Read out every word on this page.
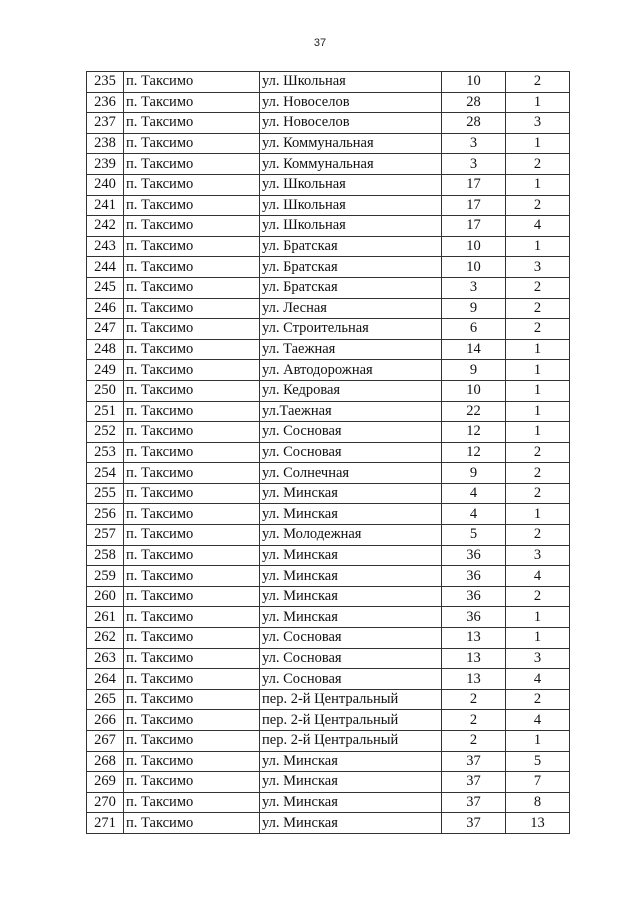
37
235	п. Таксимо	ул. Школьная	10	2
236	п. Таксимо	ул. Новоселов	28	1
237	п. Таксимо	ул. Новоселов	28	3
238	п. Таксимо	ул. Коммунальная	3	1
239	п. Таксимо	ул. Коммунальная	3	2
240	п. Таксимо	ул. Школьная	17	1
241	п. Таксимо	ул. Школьная	17	2
242	п. Таксимо	ул. Школьная	17	4
243	п. Таксимо	ул. Братская	10	1
244	п. Таксимо	ул. Братская	10	3
245	п. Таксимо	ул. Братская	3	2
246	п. Таксимо	ул. Лесная	9	2
247	п. Таксимо	ул. Строительная	6	2
248	п. Таксимо	ул. Таежная	14	1
249	п. Таксимо	ул. Автодорожная	9	1
250	п. Таксимо	ул. Кедровая	10	1
251	п. Таксимо	ул.Таежная	22	1
252	п. Таксимо	ул. Сосновая	12	1
253	п. Таксимо	ул. Сосновая	12	2
254	п. Таксимо	ул. Солнечная	9	2
255	п. Таксимо	ул. Минская	4	2
256	п. Таксимо	ул. Минская	4	1
257	п. Таксимо	ул. Молодежная	5	2
258	п. Таксимо	ул. Минская	36	3
259	п. Таксимо	ул. Минская	36	4
260	п. Таксимо	ул. Минская	36	2
261	п. Таксимо	ул. Минская	36	1
262	п. Таксимо	ул. Сосновая	13	1
263	п. Таксимо	ул. Сосновая	13	3
264	п. Таксимо	ул. Сосновая	13	4
265	п. Таксимо	пер. 2-й Центральный	2	2
266	п. Таксимо	пер. 2-й Центральный	2	4
267	п. Таксимо	пер. 2-й Центральный	2	1
268	п. Таксимо	ул. Минская	37	5
269	п. Таксимо	ул. Минская	37	7
270	п. Таксимо	ул. Минская	37	8
271	п. Таксимо	ул. Минская	37	13
